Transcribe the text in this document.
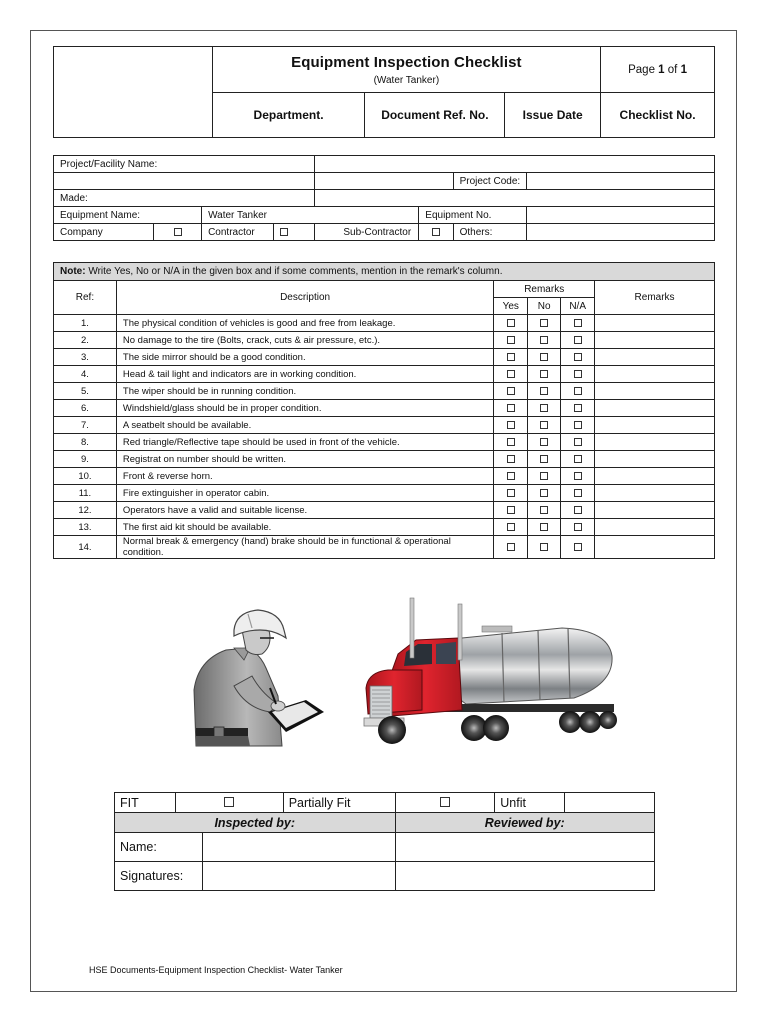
	Equipment Inspection Checklist
(Water Tanker)			Page 1 of 1
	Department.	Document Ref. No.	Issue Date	Checklist No.
Project/Facility Name:							
						Project Code:	
Made:							
Equipment Name:		Water Tanker			Equipment No.		
Company		Contractor		Sub-Contractor		Others:	
Note: Write Yes, No or N/A in the given box and if some comments, mention in the remark's column.					
Ref:	Description	Remarks			Remarks
		Yes	No	N/A	
1.	The physical condition of vehicles is good and free from leakage.				
2.	No damage to the tire (Bolts, crack, cuts & air pressure, etc.).				
3.	The side mirror should be a good condition.				
4.	Head & tail light and indicators are in working condition.				
5.	The wiper should be in running condition.				
6.	Windshield/glass should be in proper condition.				
7.	A seatbelt should be available.				
8.	Red triangle/Reflective tape should be used in front of the vehicle.				
9.	Registrat on number should be written.				
10.	Front & reverse horn.				
11.	Fire extinguisher in operator cabin.				
12.	Operators have a valid and suitable license.				
13.	The first aid kit should be available.				
14.	Normal break & emergency (hand) brake should be in functional & operational condition.				
FIT			Partially Fit		Unfit	
Inspected by:				Reviewed by:		
Name:						
Signatures:						
HSE Documents-Equipment Inspection Checklist- Water Tanker
